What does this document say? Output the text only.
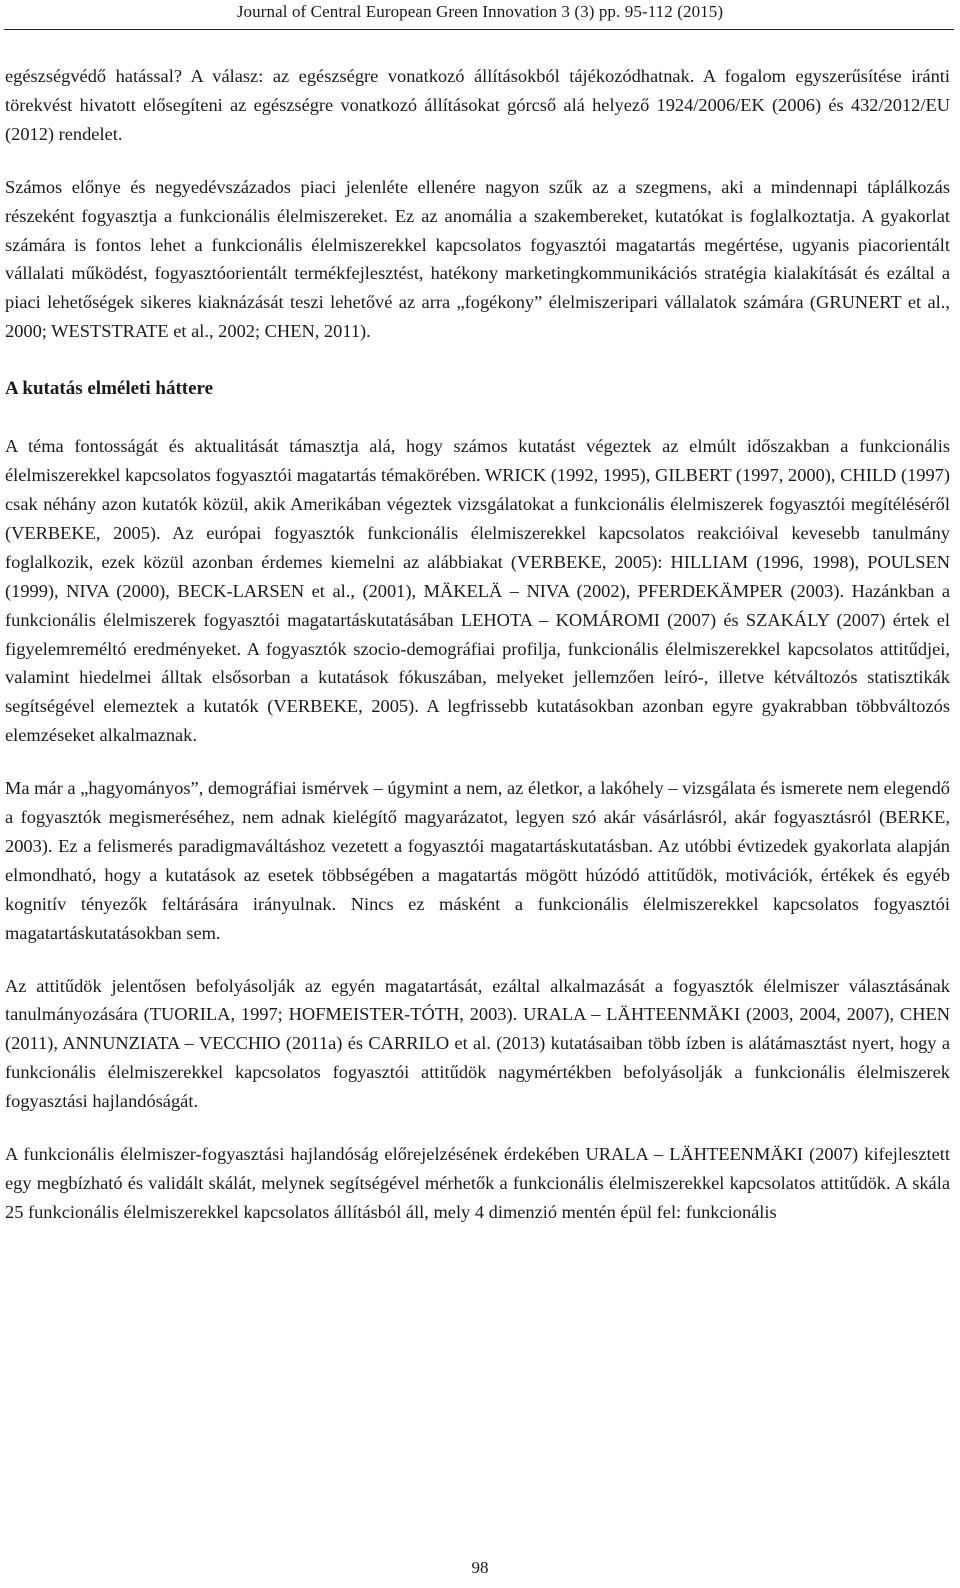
Journal of Central European Green Innovation 3 (3) pp. 95-112 (2015)

egészségvédő hatással? A válasz: az egészségre vonatkozó állításokból tájékozódhatnak. A fogalom egyszerűsítése iránti törekvést hivatott elősegíteni az egészségre vonatkozó állításokat górcső alá helyező 1924/2006/EK (2006) és 432/2012/EU (2012) rendelet.

Számos előnye és negyedévszázados piaci jelenléte ellenére nagyon szűk az a szegmens, aki a mindennapi táplálkozás részeként fogyasztja a funkcionális élelmiszereket. Ez az anomália a szakembereket, kutatókat is foglalkoztatja. A gyakorlat számára is fontos lehet a funkcionális élelmiszerekkel kapcsolatos fogyasztói magatartás megértése, ugyanis piacorientált vállalati működést, fogyasztóorientált termékfejlesztést, hatékony marketingkommunikációs stratégia kialakítását és ezáltal a piaci lehetőségek sikeres kiaknázását teszi lehetővé az arra „fogékony” élelmiszeripari vállalatok számára (GRUNERT et al., 2000; WESTSTRATE et al., 2002; CHEN, 2011).

A kutatás elméleti háttere

A téma fontosságát és aktualitását támasztja alá, hogy számos kutatást végeztek az elmúlt időszakban a funkcionális élelmiszerekkel kapcsolatos fogyasztói magatartás témakörében. WRICK (1992, 1995), GILBERT (1997, 2000), CHILD (1997) csak néhány azon kutatók közül, akik Amerikában végeztek vizsgálatokat a funkcionális élelmiszerek fogyasztói megítéléséről (VERBEKE, 2005). Az európai fogyasztók funkcionális élelmiszerekkel kapcsolatos reakcióival kevesebb tanulmány foglalkozik, ezek közül azonban érdemes kiemelni az alábbiakat (VERBEKE, 2005): HILLIAM (1996, 1998), POULSEN (1999), NIVA (2000), BECK-LARSEN et al., (2001), MÄKELÄ – NIVA (2002), PFERDEKÄMPER (2003). Hazánkban a funkcionális élelmiszerek fogyasztói magatartáskutatásában LEHOTA – KOMÁROMI (2007) és SZAKÁLY (2007) értek el figyelemreméltó eredményeket. A fogyasztók szocio-demográfiai profilja, funkcionális élelmiszerekkel kapcsolatos attitűdjei, valamint hiedelmei álltak elsősorban a kutatások fókuszában, melyeket jellemzően leíró-, illetve kétváltozós statisztikák segítségével elemeztek a kutatók (VERBEKE, 2005). A legfrissebb kutatásokban azonban egyre gyakrabban többváltozós elemzéseket alkalmaznak.

Ma már a „hagyományos”, demográfiai ismérvek – úgymint a nem, az életkor, a lakóhely – vizsgálata és ismerete nem elegendő a fogyasztók megismeréséhez, nem adnak kielégítő magyarázatot, legyen szó akár vásárlásról, akár fogyasztásról (BERKE, 2003). Ez a felismerés paradigmaváltáshoz vezetett a fogyasztói magatartáskutatásban. Az utóbbi évtizedek gyakorlata alapján elmondható, hogy a kutatások az esetek többségében a magatartás mögött húzódó attitűdök, motivációk, értékek és egyéb kognitív tényezők feltárására irányulnak. Nincs ez másként a funkcionális élelmiszerekkel kapcsolatos fogyasztói magatartáskutatásokban sem.

Az attitűdök jelentősen befolyásolják az egyén magatartását, ezáltal alkalmazását a fogyasztók élelmiszer választásának tanulmányozására (TUORILA, 1997; HOFMEISTER-TÓTH, 2003). URALA – LÄHTEENMÄKI (2003, 2004, 2007), CHEN (2011), ANNUNZIATA – VECCHIO (2011a) és CARRILO et al. (2013) kutatásaiban több ízben is alátámasztást nyert, hogy a funkcionális élelmiszerekkel kapcsolatos fogyasztói attitűdök nagymértékben befolyásolják a funkcionális élelmiszerek fogyasztási hajlandóságát.

A funkcionális élelmiszer-fogyasztási hajlandóság előrejelzésének érdekében URALA – LÄHTEENMÄKI (2007) kifejlesztett egy megbízható és validált skálát, melynek segítségével mérhetők a funkcionális élelmiszerekkel kapcsolatos attitűdök. A skála 25 funkcionális élelmiszerekkel kapcsolatos állításból áll, mely 4 dimenzió mentén épül fel: funkcionális

98
